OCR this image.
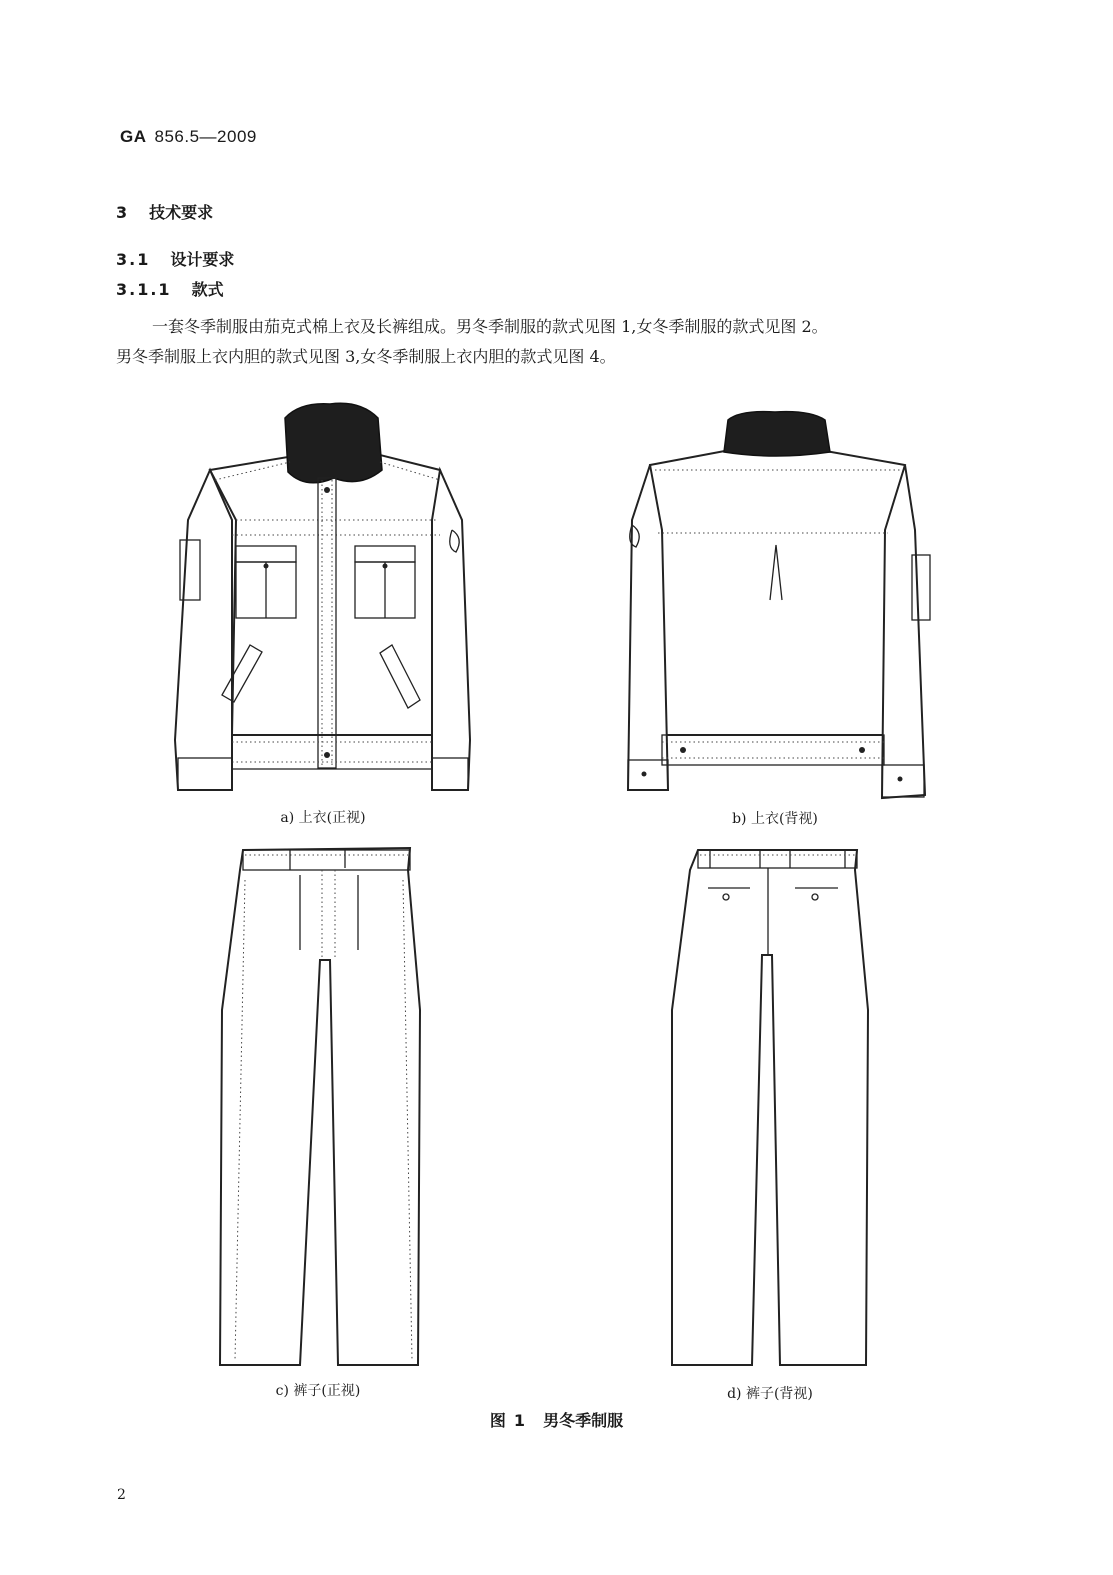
GA 856.5—2009
3 技术要求
3.1 设计要求
3.1.1 款式

一套冬季制服由茄克式棉上衣及长裤组成。男冬季制服的款式见图 1,女冬季制服的款式见图 2。

男冬季制服上衣内胆的款式见图 3,女冬季制服上衣内胆的款式见图 4。

a) 上衣(正视)	b) 上衣(背视)
c) 裤子(正视)	d) 裤子(背视)
图 1 男冬季制服
2
